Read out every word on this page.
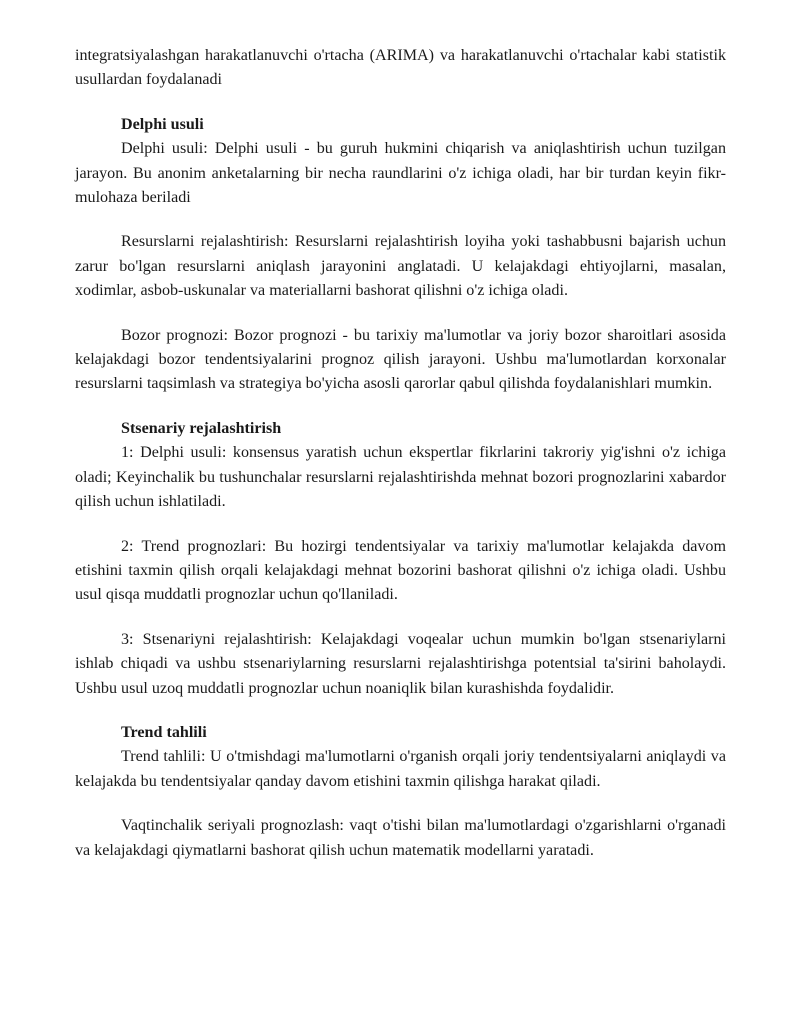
integratsiyalashgan harakatlanuvchi o'rtacha (ARIMA) va harakatlanuvchi o'rtachalar kabi statistik usullardan foydalanadi

Delphi usuli

Delphi usuli: Delphi usuli - bu guruh hukmini chiqarish va aniqlashtirish uchun tuzilgan jarayon. Bu anonim anketalarning bir necha raundlarini o'z ichiga oladi, har bir turdan keyin fikr-mulohaza beriladi

Resurslarni rejalashtirish: Resurslarni rejalashtirish loyiha yoki tashabbusni bajarish uchun zarur bo'lgan resurslarni aniqlash jarayonini anglatadi. U kelajakdagi ehtiyojlarni, masalan, xodimlar, asbob-uskunalar va materiallarni bashorat qilishni o'z ichiga oladi.

Bozor prognozi: Bozor prognozi - bu tarixiy ma'lumotlar va joriy bozor sharoitlari asosida kelajakdagi bozor tendentsiyalarini prognoz qilish jarayoni. Ushbu ma'lumotlardan korxonalar resurslarni taqsimlash va strategiya bo'yicha asosli qarorlar qabul qilishda foydalanishlari mumkin.

Stsenariy rejalashtirish

1: Delphi usuli: konsensus yaratish uchun ekspertlar fikrlarini takroriy yig'ishni o'z ichiga oladi; Keyinchalik bu tushunchalar resurslarni rejalashtirishda mehnat bozori prognozlarini xabardor qilish uchun ishlatiladi.

2: Trend prognozlari: Bu hozirgi tendentsiyalar va tarixiy ma'lumotlar kelajakda davom etishini taxmin qilish orqali kelajakdagi mehnat bozorini bashorat qilishni o'z ichiga oladi. Ushbu usul qisqa muddatli prognozlar uchun qo'llaniladi.

3: Stsenariyni rejalashtirish: Kelajakdagi voqealar uchun mumkin bo'lgan stsenariylarni ishlab chiqadi va ushbu stsenariylarning resurslarni rejalashtirishga potentsial ta'sirini baholaydi. Ushbu usul uzoq muddatli prognozlar uchun noaniqlik bilan kurashishda foydalidir.

Trend tahlili

Trend tahlili: U o'tmishdagi ma'lumotlarni o'rganish orqali joriy tendentsiyalarni aniqlaydi va kelajakda bu tendentsiyalar qanday davom etishini taxmin qilishga harakat qiladi.

Vaqtinchalik seriyali prognozlash: vaqt o'tishi bilan ma'lumotlardagi o'zgarishlarni o'rganadi va kelajakdagi qiymatlarni bashorat qilish uchun matematik modellarni yaratadi.
